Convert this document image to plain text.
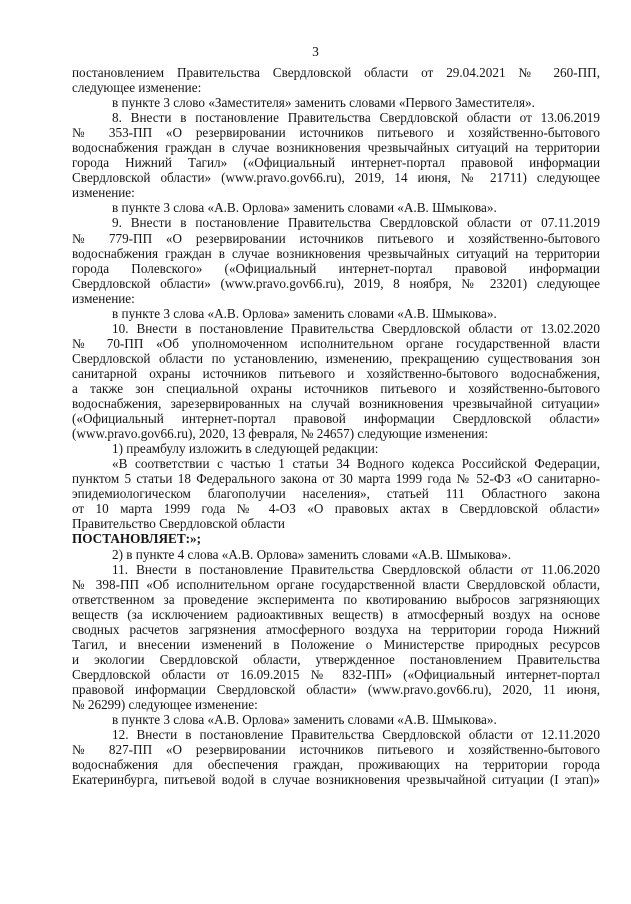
3
постановлением Правительства Свердловской области от 29.04.2021 № 260-ПП,
следующее изменение:
в пункте 3 слово «Заместителя» заменить словами «Первого Заместителя».
8. Внести в постановление Правительства Свердловской области от 13.06.2019
№ 353-ПП «О резервировании источников питьевого и хозяйственно-бытового
водоснабжения граждан в случае возникновения чрезвычайных ситуаций на территории
города Нижний Тагил» («Официальный интернет-портал правовой информации
Свердловской области» (www.pravo.gov66.ru), 2019, 14 июня, № 21711) следующее
изменение:
в пункте 3 слова «А.В. Орлова» заменить словами «А.В. Шмыкова».
9. Внести в постановление Правительства Свердловской области от 07.11.2019
№ 779-ПП «О резервировании источников питьевого и хозяйственно-бытового
водоснабжения граждан в случае возникновения чрезвычайных ситуаций на территории
города Полевского» («Официальный интернет-портал правовой информации
Свердловской области» (www.pravo.gov66.ru), 2019, 8 ноября, № 23201) следующее
изменение:
в пункте 3 слова «А.В. Орлова» заменить словами «А.В. Шмыкова».
10. Внести в постановление Правительства Свердловской области от 13.02.2020
№ 70-ПП «Об уполномоченном исполнительном органе государственной власти
Свердловской области по установлению, изменению, прекращению существования зон
санитарной охраны источников питьевого и хозяйственно-бытового водоснабжения,
а также зон специальной охраны источников питьевого и хозяйственно-бытового
водоснабжения, зарезервированных на случай возникновения чрезвычайной ситуации»
(«Официальный интернет-портал правовой информации Свердловской области»
(www.pravo.gov66.ru), 2020, 13 февраля, № 24657) следующие изменения:
1) преамбулу изложить в следующей редакции:
«В соответствии с частью 1 статьи 34 Водного кодекса Российской Федерации,
пунктом 5 статьи 18 Федерального закона от 30 марта 1999 года № 52-ФЗ «О санитарно-
эпидемиологическом благополучии населения», статьей 111 Областного закона
от 10 марта 1999 года № 4-ОЗ «О правовых актах в Свердловской области»
Правительство Свердловской области
ПОСТАНОВЛЯЕТ:»;
2) в пункте 4 слова «А.В. Орлова» заменить словами «А.В. Шмыкова».
11. Внести в постановление Правительства Свердловской области от 11.06.2020
№ 398-ПП «Об исполнительном органе государственной власти Свердловской области,
ответственном за проведение эксперимента по квотированию выбросов загрязняющих
веществ (за исключением радиоактивных веществ) в атмосферный воздух на основе
сводных расчетов загрязнения атмосферного воздуха на территории города Нижний
Тагил, и внесении изменений в Положение о Министерстве природных ресурсов
и экологии Свердловской области, утвержденное постановлением Правительства
Свердловской области от 16.09.2015 № 832-ПП» («Официальный интернет-портал
правовой информации Свердловской области» (www.pravo.gov66.ru), 2020, 11 июня,
№ 26299) следующее изменение:
в пункте 3 слова «А.В. Орлова» заменить словами «А.В. Шмыкова».
12. Внести в постановление Правительства Свердловской области от 12.11.2020
№ 827-ПП «О резервировании источников питьевого и хозяйственно-бытового
водоснабжения для обеспечения граждан, проживающих на территории города
Екатеринбурга, питьевой водой в случае возникновения чрезвычайной ситуации (I этап)»
